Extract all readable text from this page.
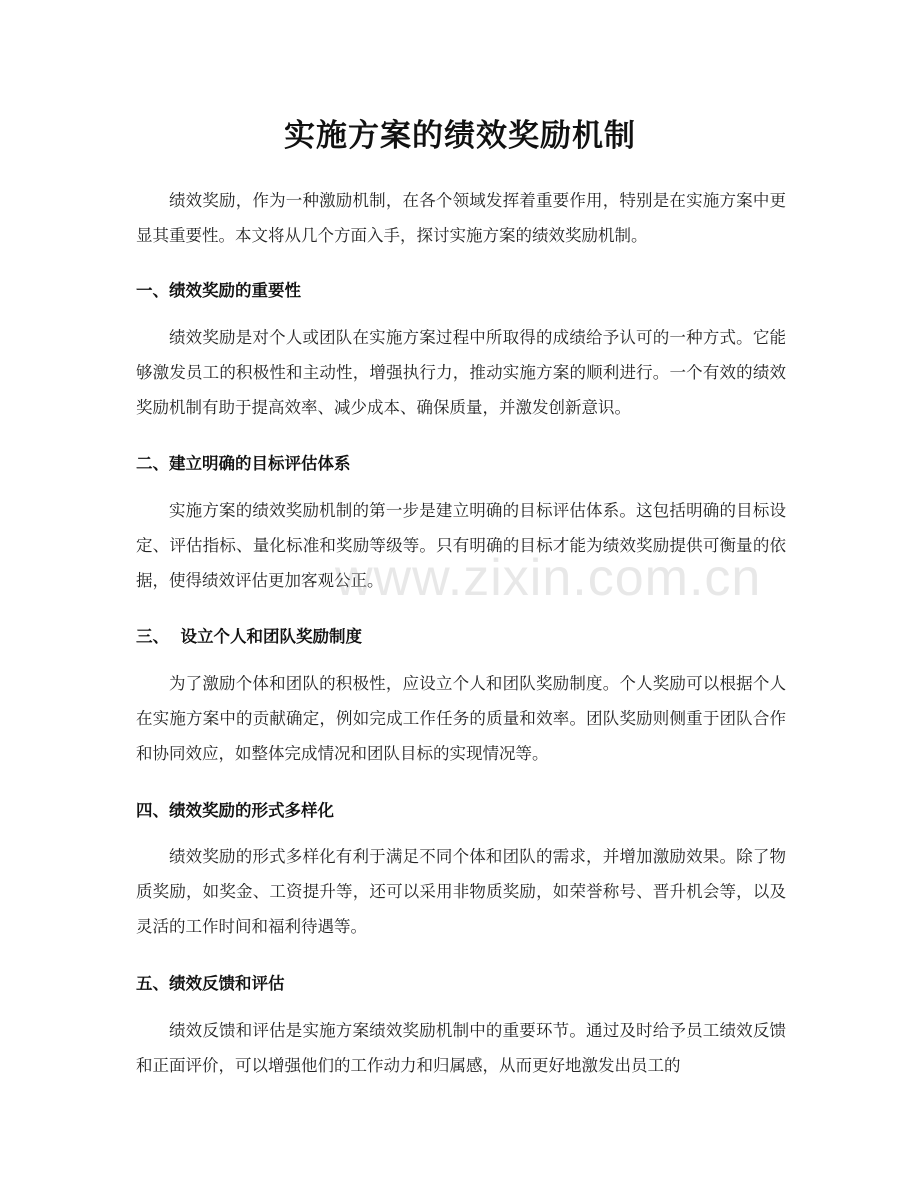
实施方案的绩效奖励机制
绩效奖励，作为一种激励机制，在各个领域发挥着重要作用，特别是在实施方案中更显其重要性。本文将从几个方面入手，探讨实施方案的绩效奖励机制。
一、绩效奖励的重要性
绩效奖励是对个人或团队在实施方案过程中所取得的成绩给予认可的一种方式。它能够激发员工的积极性和主动性，增强执行力，推动实施方案的顺利进行。一个有效的绩效奖励机制有助于提高效率、减少成本、确保质量，并激发创新意识。
二、建立明确的目标评估体系
实施方案的绩效奖励机制的第一步是建立明确的目标评估体系。这包括明确的目标设定、评估指标、量化标准和奖励等级等。只有明确的目标才能为绩效奖励提供可衡量的依据，使得绩效评估更加客观公正。
三、  设立个人和团队奖励制度
为了激励个体和团队的积极性，应设立个人和团队奖励制度。个人奖励可以根据个人在实施方案中的贡献确定，例如完成工作任务的质量和效率。团队奖励则侧重于团队合作和协同效应，如整体完成情况和团队目标的实现情况等。
四、绩效奖励的形式多样化
绩效奖励的形式多样化有利于满足不同个体和团队的需求，并增加激励效果。除了物质奖励，如奖金、工资提升等，还可以采用非物质奖励，如荣誉称号、晋升机会等，以及灵活的工作时间和福利待遇等。
五、绩效反馈和评估
绩效反馈和评估是实施方案绩效奖励机制中的重要环节。通过及时给予员工绩效反馈和正面评价，可以增强他们的工作动力和归属感，从而更好地激发出员工的
www.zixin.com.cn
